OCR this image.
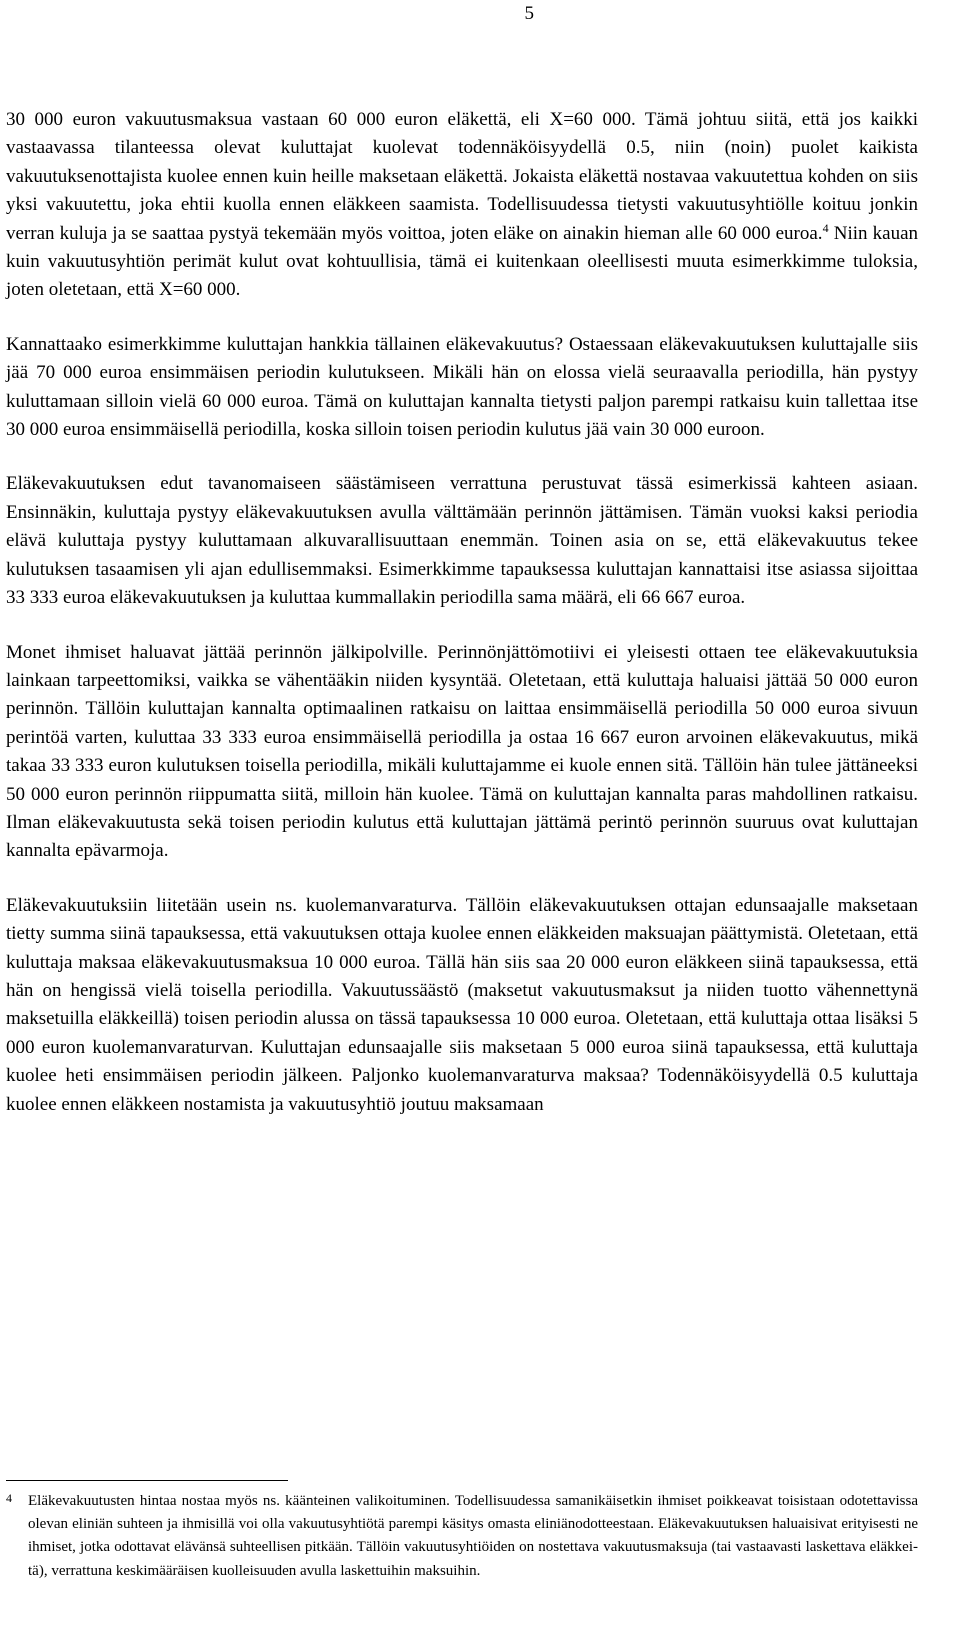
5

30 000 euron vakuutusmaksua vastaan 60 000 euron eläkettä, eli X=60 000. Tämä johtuu siitä, että jos kaikki vastaavassa tilanteessa olevat kuluttajat kuolevat todennäköisyydellä 0.5, niin (noin) puolet kaikista vakuutuksenottajista kuolee ennen kuin heille maksetaan eläkettä. Jokaista eläkettä nostavaa vakuutettua kohden on siis yksi vakuutettu, joka ehtii kuolla ennen eläkkeen saamista. Todellisuudessa tietysti vakuutusyhtiölle koituu jonkin verran kuluja ja se saattaa pystyä tekemään myös voittoa, joten eläke on ainakin hieman alle 60 000 euroa.$^4$ Niin kauan kuin vakuutusyhtiön perimät kulut ovat kohtuullisia, tämä ei kuitenkaan oleellisesti muuta esimerkkimme tuloksia, joten oletetaan, että X=60 000.

Kannattaako esimerkkimme kuluttajan hankkia tällainen eläkevakuutus? Ostaessaan eläkevakuutuksen kuluttajalle siis jää 70 000 euroa ensimmäisen periodin kulutukseen. Mikäli hän on elossa vielä seuraavalla periodilla, hän pystyy kuluttamaan silloin vielä 60 000 euroa. Tämä on kuluttajan kannalta tietysti paljon parempi ratkaisu kuin tallettaa itse 30 000 euroa ensimmäisellä periodilla, koska silloin toisen periodin kulutus jää vain 30 000 euroon.

Eläkevakuutuksen edut tavanomaiseen säästämiseen verrattuna perustuvat tässä esimerkissä kahteen asiaan. Ensinnäkin, kuluttaja pystyy eläkevakuutuksen avulla välttämään perinnön jättämisen. Tämän vuoksi kaksi periodia elävä kuluttaja pystyy kuluttamaan alkuvarallisuuttaan enemmän. Toinen asia on se, että eläkevakuutus tekee kulutuksen tasaamisen yli ajan edullisemmaksi. Esimerkkimme tapauksessa kuluttajan kannattaisi itse asiassa sijoittaa 33 333 euroa eläkevakuutuksen ja kuluttaa kummallakin periodilla sama määrä, eli 66 667 euroa.

Monet ihmiset haluavat jättää perinnön jälkipolville. Perinnönjättömotiivi ei yleisesti ottaen tee eläkevakuutuksia lainkaan tarpeettomiksi, vaikka se vähentääkin niiden kysyntää. Oletetaan, että kuluttaja haluaisi jättää 50 000 euron perinnön. Tällöin kuluttajan kannalta optimaalinen ratkaisu on laittaa ensimmäisellä periodilla 50 000 euroa sivuun perintöä varten, kuluttaa 33 333 euroa ensimmäisellä periodilla ja ostaa 16 667 euron arvoinen eläkevakuutus, mikä takaa 33 333 euron kulutuksen toisella periodilla, mikäli kuluttajamme ei kuole ennen sitä. Tällöin hän tulee jättäneeksi 50 000 euron perinnön riippumatta siitä, milloin hän kuolee. Tämä on kuluttajan kannalta paras mahdollinen ratkaisu. Ilman eläkevakuutusta sekä toisen periodin kulutus että kuluttajan jättämä perintö perinnön suuruus ovat kuluttajan kannalta epävarmoja.

Eläkevakuutuksiin liitetään usein ns. kuolemanvaraturva. Tällöin eläkevakuutuksen ottajan edunsaajalle maksetaan tietty summa siinä tapauksessa, että vakuutuksen ottaja kuolee ennen eläkkeiden maksuajan päättymistä. Oletetaan, että kuluttaja maksaa eläkevakuutusmaksua 10 000 euroa. Tällä hän siis saa 20 000 euron eläkkeen siinä tapauksessa, että hän on hengissä vielä toisella periodilla. Vakuutussäästö (maksetut vakuutusmaksut ja niiden tuotto vähennettynä maksetuilla eläkkeillä) toisen periodin alussa on tässä tapauksessa 10 000 euroa. Oletetaan, että kuluttaja ottaa lisäksi 5 000 euron kuolemanvaraturvan. Kuluttajan edunsaajalle siis maksetaan 5 000 euroa siinä tapauksessa, että kuluttaja kuolee heti ensimmäisen periodin jälkeen. Paljonko kuolemanvaraturva maksaa? Todennäköisyydellä 0.5 kuluttaja kuolee ennen eläkkeen nostamista ja vakuutusyhtiö joutuu maksamaan

4 Eläkevakuutusten hintaa nostaa myös ns. käänteinen valikoituminen. Todellisuudessa samanikäisetkin ihmiset poikkeavat toisistaan odotettavissa olevan eliniän suhteen ja ihmisillä voi olla vakuutusyhtiötä parempi käsitys omasta eliniänodotteestaan. Eläkevakuutuksen haluaisivat erityisesti ne ihmiset, jotka odottavat elävänsä suhteellisen pitkään. Tällöin vakuutusyhtiöiden on nostettava vakuutusmaksuja (tai vastaavasti laskettava eläkkeitä), verrattuna keskimääräisen kuolleisuuden avulla laskettuihin maksuihin.
